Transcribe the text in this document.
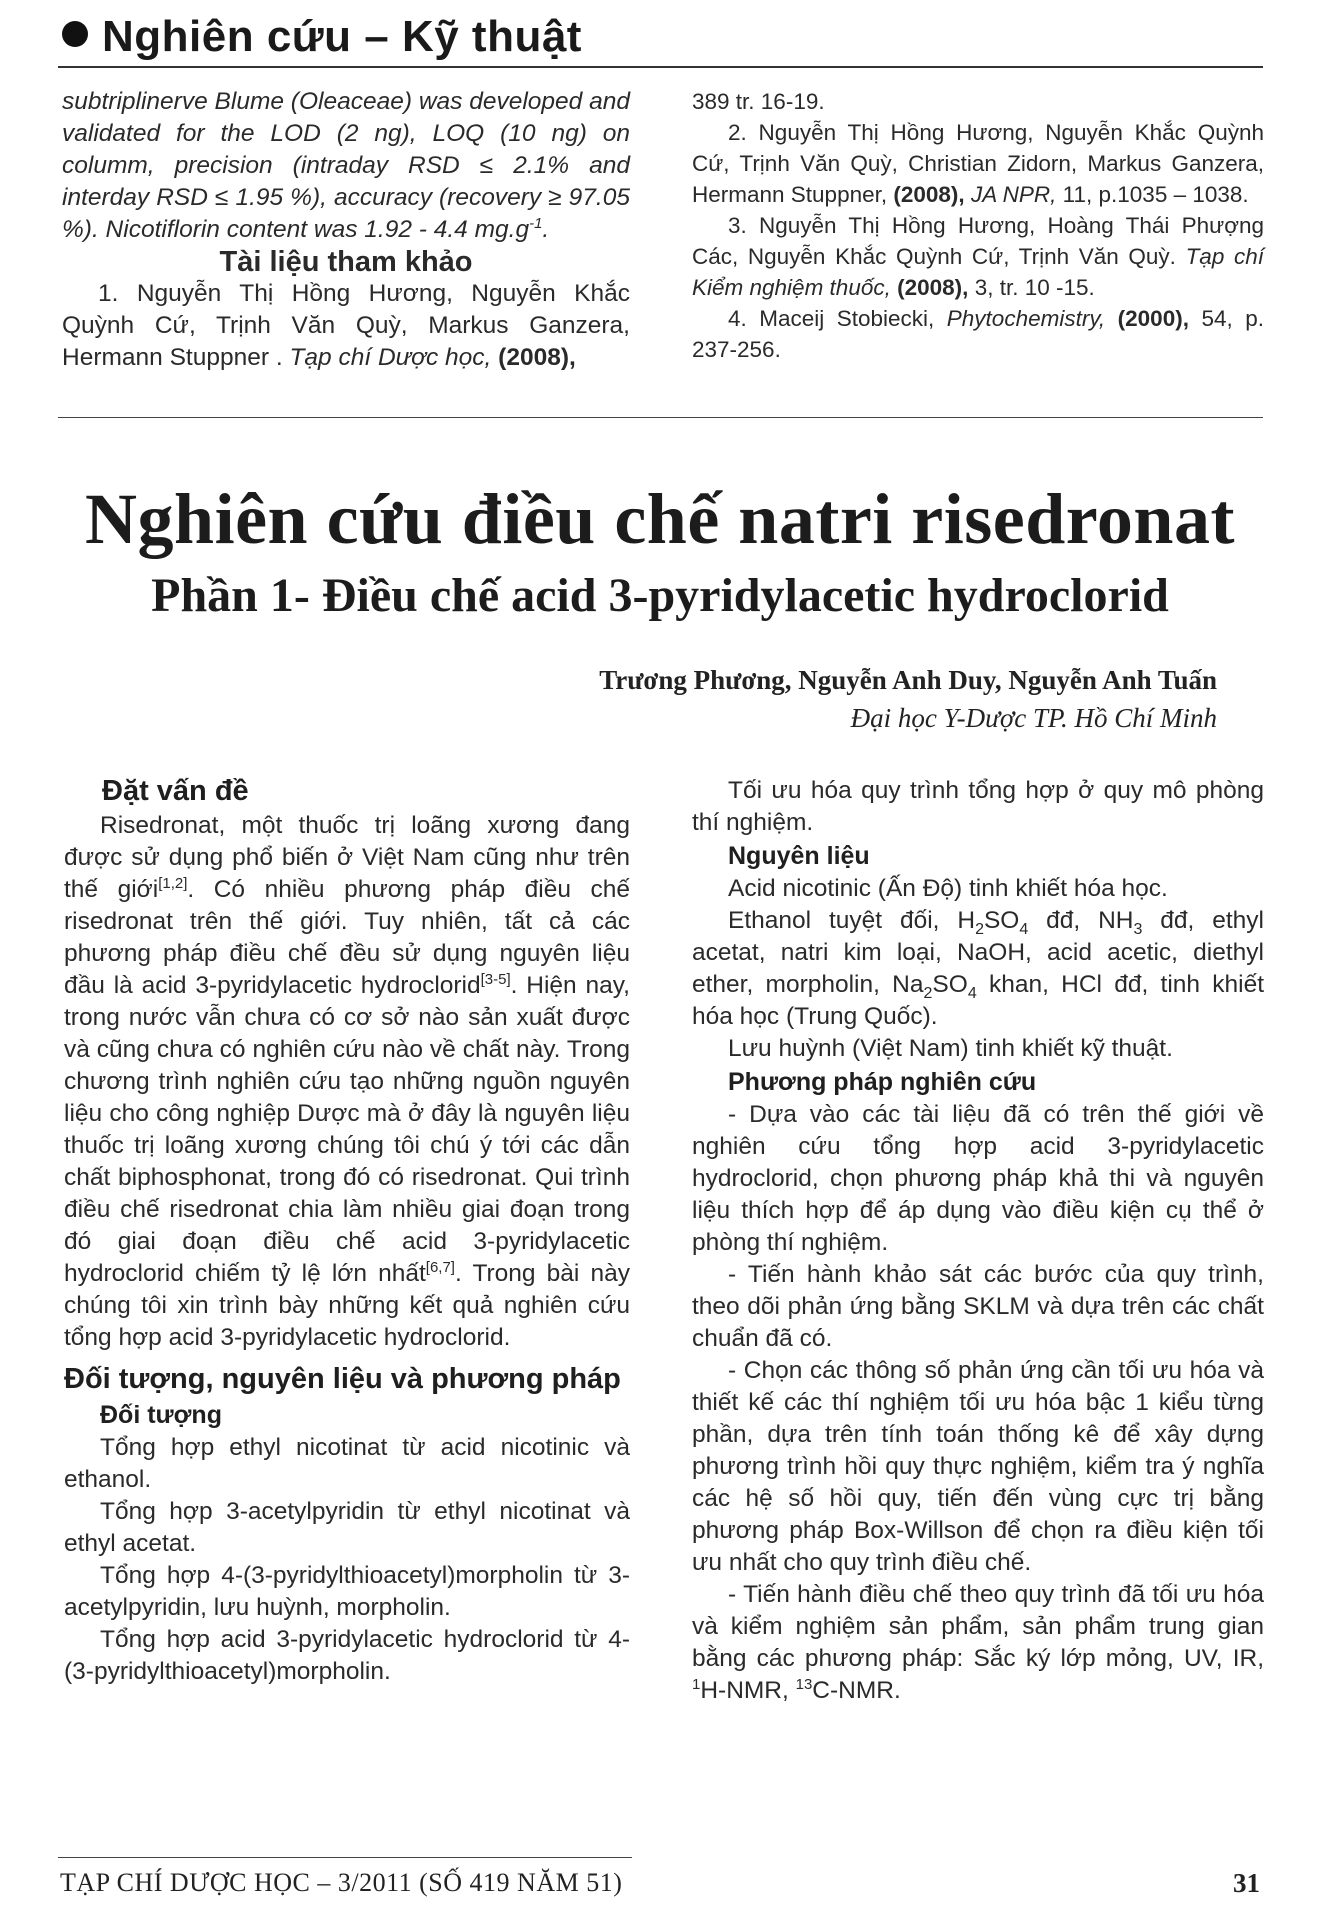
Nghiên cứu – Kỹ thuật

subtriplinerve Blume (Oleaceae) was developed and validated for the LOD (2 ng), LOQ (10 ng) on columm, precision (intraday RSD ≤ 2.1% and interday RSD ≤ 1.95 %), accuracy (recovery ≥ 97.05 %). Nicotiflorin content was 1.92 - 4.4 $mg.g^{-1}$.

Tài liệu tham khảo

1. Nguyễn Thị Hồng Hương, Nguyễn Khắc Quỳnh Cứ, Trịnh Văn Quỳ, Markus Ganzera, Hermann Stuppner . Tạp chí Dược học, (2008),

389 tr. 16-19.

2. Nguyễn Thị Hồng Hương, Nguyễn Khắc Quỳnh Cứ, Trịnh Văn Quỳ, Christian Zidorn, Markus Ganzera, Hermann Stuppner, (2008), JA NPR, 11, p.1035 – 1038.

3. Nguyễn Thị Hồng Hương, Hoàng Thái Phượng Các, Nguyễn Khắc Quỳnh Cứ, Trịnh Văn Quỳ. Tạp chí Kiểm nghiệm thuốc, (2008), 3, tr. 10 -15.

4. Maceij Stobiecki, Phytochemistry, (2000), 54, p. 237-256.

Nghiên cứu điều chế natri risedronat
Phần 1- Điều chế acid 3-pyridylacetic hydroclorid
Trương Phương, Nguyễn Anh Duy, Nguyễn Anh Tuấn
Đại học Y-Dược TP. Hồ Chí Minh

Đặt vấn đề

Risedronat, một thuốc trị loãng xương đang được sử dụng phổ biến ở Việt Nam cũng như trên thế giới[1,2]. Có nhiều phương pháp điều chế risedronat trên thế giới. Tuy nhiên, tất cả các phương pháp điều chế đều sử dụng nguyên liệu đầu là acid 3-pyridylacetic hydroclorid[3-5]. Hiện nay, trong nước vẫn chưa có cơ sở nào sản xuất được và cũng chưa có nghiên cứu nào về chất này. Trong chương trình nghiên cứu tạo những nguồn nguyên liệu cho công nghiệp Dược mà ở đây là nguyên liệu thuốc trị loãng xương chúng tôi chú ý tới các dẫn chất biphosphonat, trong đó có risedronat. Qui trình điều chế risedronat chia làm nhiều giai đoạn trong đó giai đoạn điều chế acid 3-pyridylacetic hydroclorid chiếm tỷ lệ lớn nhất[6,7]. Trong bài này chúng tôi xin trình bày những kết quả nghiên cứu tổng hợp acid 3-pyridylacetic hydroclorid.

Đối tượng, nguyên liệu và phương pháp

Đối tượng

Tổng hợp ethyl nicotinat từ acid nicotinic và ethanol.

Tổng hợp 3-acetylpyridin từ ethyl nicotinat và ethyl acetat.

Tổng hợp 4-(3-pyridylthioacetyl)morpholin từ 3-acetylpyridin, lưu huỳnh, morpholin.

Tổng hợp acid 3-pyridylacetic hydroclorid từ 4-(3-pyridylthioacetyl)morpholin.

Tối ưu hóa quy trình tổng hợp ở quy mô phòng thí nghiệm.

Nguyên liệu

Acid nicotinic (Ấn Độ) tinh khiết hóa học.

Ethanol tuyệt đối, $H_2SO_4$ đđ, $NH_3$ đđ, ethyl acetat, natri kim loại, NaOH, acid acetic, diethyl ether, morpholin, $Na_2SO_4$ khan, HCl đđ, tinh khiết hóa học (Trung Quốc).

Lưu huỳnh (Việt Nam) tinh khiết kỹ thuật.

Phương pháp nghiên cứu

- Dựa vào các tài liệu đã có trên thế giới về nghiên cứu tổng hợp acid 3-pyridylacetic hydroclorid, chọn phương pháp khả thi và nguyên liệu thích hợp để áp dụng vào điều kiện cụ thể ở phòng thí nghiệm.

- Tiến hành khảo sát các bước của quy trình, theo dõi phản ứng bằng SKLM và dựa trên các chất chuẩn đã có.

- Chọn các thông số phản ứng cần tối ưu hóa và thiết kế các thí nghiệm tối ưu hóa bậc 1 kiểu từng phần, dựa trên tính toán thống kê để xây dựng phương trình hồi quy thực nghiệm, kiểm tra ý nghĩa các hệ số hồi quy, tiến đến vùng cực trị bằng phương pháp Box-Willson để chọn ra điều kiện tối ưu nhất cho quy trình điều chế.

- Tiến hành điều chế theo quy trình đã tối ưu hóa và kiểm nghiệm sản phẩm, sản phẩm trung gian bằng các phương pháp: Sắc ký lớp mỏng, UV, IR, $^1$H-NMR, $^{13}$C-NMR.

TẠP CHÍ DƯỢC HỌC – 3/2011 (SỐ 419 NĂM 51)	31
